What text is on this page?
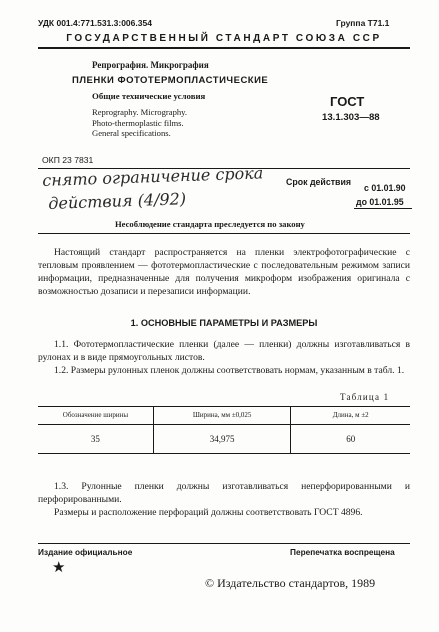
УДК 001.4:771.531.3:006.354	Группа Т71.1
ГОСУДАРСТВЕННЫЙ СТАНДАРТ СОЮЗА ССР
Репрография. Микрография
ПЛЕНКИ ФОТОТЕРМОПЛАСТИЧЕСКИЕ
Общие технические условия
Reprography. Micrography.
Photo-thermoplastic films.
General specifications.
ГОСТ
13.1.303—88
ОКП 23 7831
снято ограничение срока
действия (4/92)
Срок действия
с 01.01.90
до 01.01.95
Несоблюдение стандарта преследуется по закону
Настоящий стандарт распространяется на пленки электрофотографические с тепловым проявлением — фототермопластические с последовательным режимом записи информации, предназначенные для получения микроформ изображения оригинала с возможностью дозаписи и перезаписи информации.
1. ОСНОВНЫЕ ПАРАМЕТРЫ И РАЗМЕРЫ
1.1. Фототермопластические пленки (далее — пленки) должны изготавливаться в рулонах и в виде прямоугольных листов.
1.2. Размеры рулонных пленок должны соответствовать нормам, указанным в табл. 1.
Таблица 1
Обозначение ширины	Ширина, мм ±0,025	Длина, м ±2
35	34,975	60
1.3. Рулонные пленки должны изготавливаться неперфорированными и перфорированными.
Размеры и расположение перфораций должны соответствовать ГОСТ 4896.
Издание официальное	Перепечатка воспрещена
★
© Издательство стандартов, 1989
